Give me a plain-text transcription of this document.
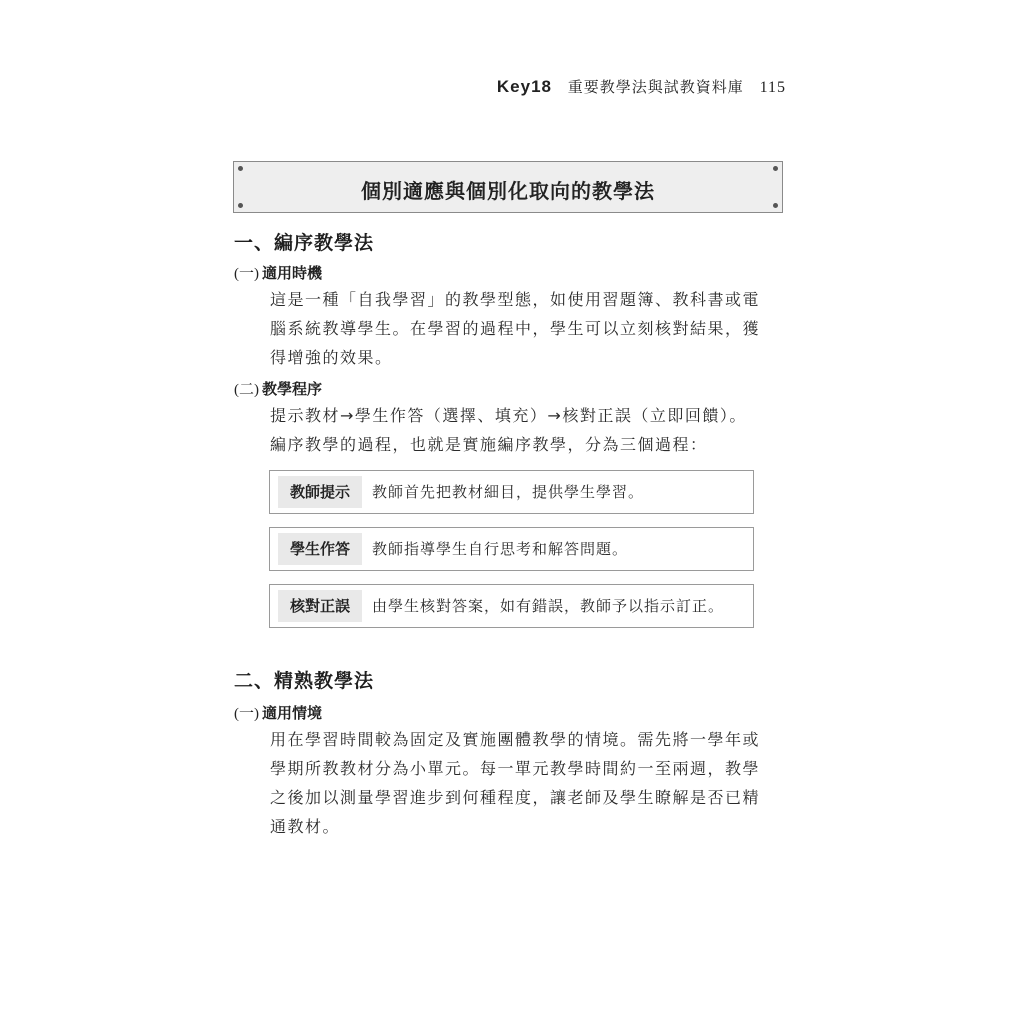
Key18 重要教學法與試教資料庫 115
個別適應與個別化取向的教學法
一、編序教學法
(一) 適用時機

這是一種「自我學習」的教學型態，如使用習題簿、教科書或電

腦系統教導學生。在學習的過程中，學生可以立刻核對結果，獲

得增強的效果。

(二) 教學程序

提示教材→學生作答（選擇、填充）→核對正誤（立即回饋）。

編序教學的過程，也就是實施編序教學，分為三個過程：

教師提示	教師首先把教材細目，提供學生學習。
學生作答	教師指導學生自行思考和解答問題。
核對正誤	由學生核對答案，如有錯誤，教師予以指示訂正。
二、精熟教學法
(一) 適用情境

用在學習時間較為固定及實施團體教學的情境。需先將一學年或

學期所教教材分為小單元。每一單元教學時間約一至兩週，教學

之後加以測量學習進步到何種程度，讓老師及學生瞭解是否已精

通教材。
